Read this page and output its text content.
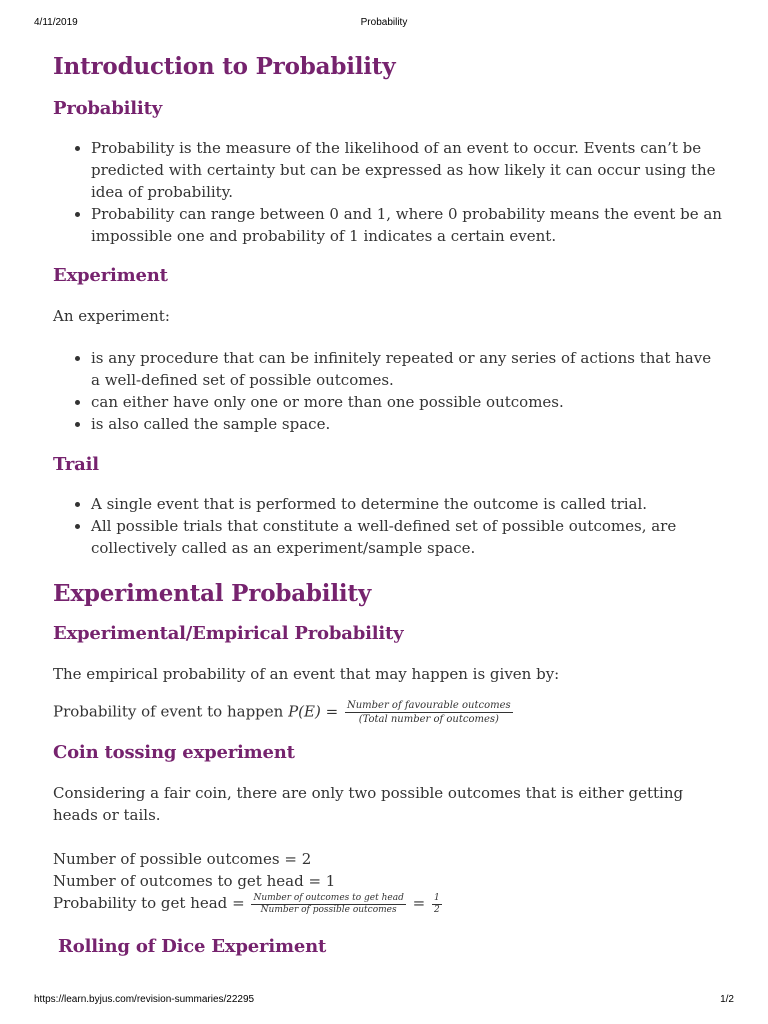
4/11/2019	Probability
Introduction to Probability
Probability
• Probability is the measure of the likelihood of an event to occur. Events can’t be predicted with certainty but can be expressed as how likely it can occur using the idea of probability.
• Probability can range between 0 and 1, where 0 probability means the event be an impossible one and probability of 1 indicates a certain event.
Experiment

An experiment:

• is any procedure that can be infinitely repeated or any series of actions that have a well-defined set of possible outcomes.
• can either have only one or more than one possible outcomes.
• is also called the sample space.
Trail
• A single event that is performed to determine the outcome is called trial.
• All possible trials that constitute a well-defined set of possible outcomes, are collectively called as an experiment/sample space.
Experimental Probability
Experimental/Empirical Probability

The empirical probability of an event that may happen is given by:

Probability of event to happen $P(E) = \frac{\text{Number of favourable outcomes}}{\text{(Total number of outcomes)}}$

Coin tossing experiment

Considering a fair coin, there are only two possible outcomes that is either getting heads or tails.

Number of possible outcomes = 2

Number of outcomes to get head = 1

Probability to get head = $\frac{\text{Number of outcomes to get head}}{\text{Number of possible outcomes}} = \frac{1}{2}$

Rolling of Dice Experiment
https://learn.byjus.com/revision-summaries/22295	1/2
